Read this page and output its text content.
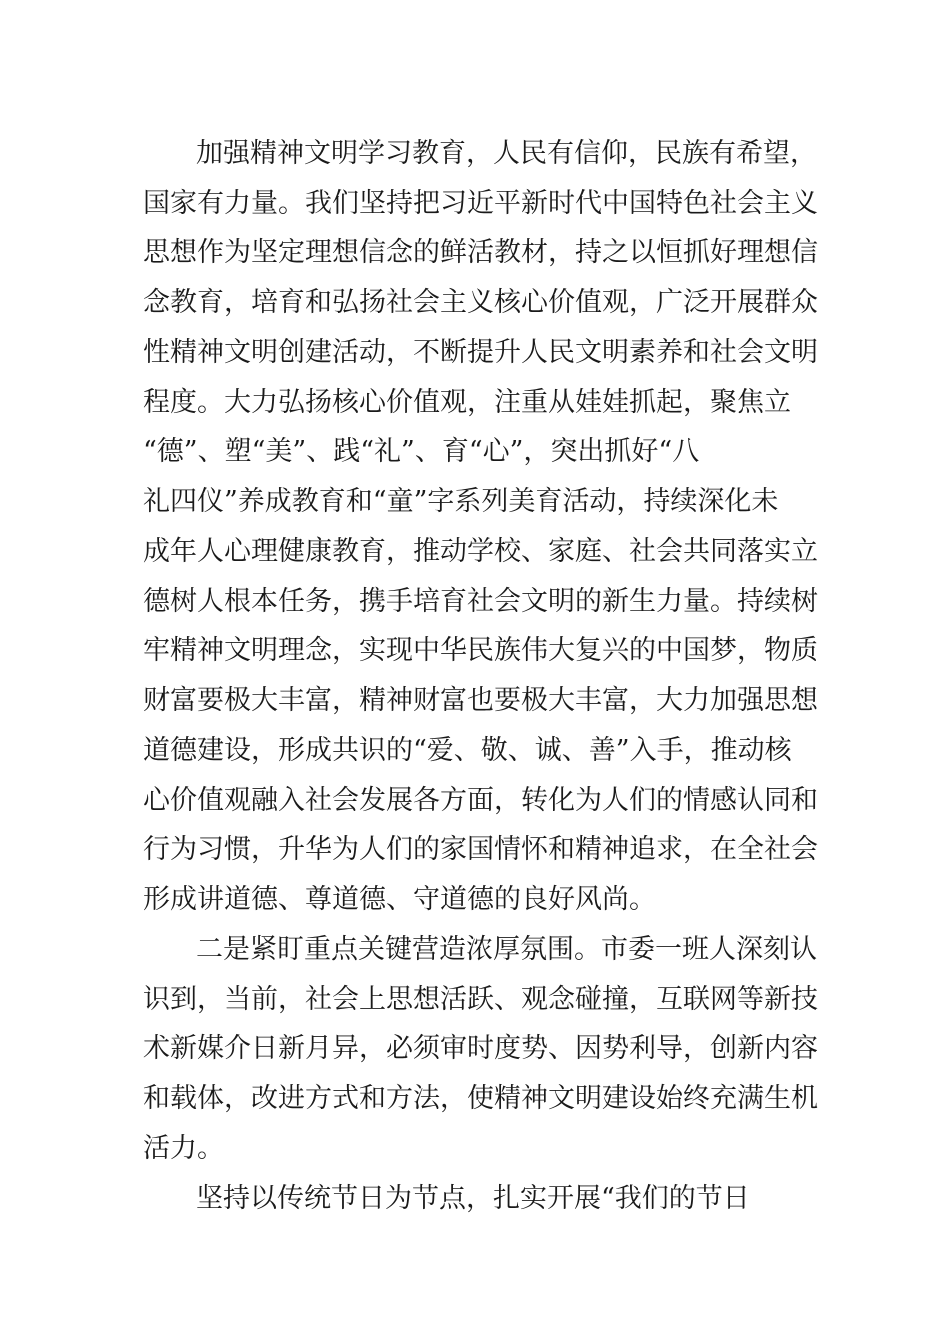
加强精神文明学习教育，人民有信仰，民族有希望，

国家有力量。我们坚持把习近平新时代中国特色社会主义

思想作为坚定理想信念的鲜活教材，持之以恒抓好理想信

念教育，培育和弘扬社会主义核心价值观，广泛开展群众

性精神文明创建活动，不断提升人民文明素养和社会文明

程度。大力弘扬核心价值观，注重从娃娃抓起，聚焦立

“德”、塑“美”、践“礼”、育“心”，突出抓好“八

礼四仪”养成教育和“童”字系列美育活动，持续深化未

成年人心理健康教育，推动学校、家庭、社会共同落实立

德树人根本任务，携手培育社会文明的新生力量。持续树

牢精神文明理念，实现中华民族伟大复兴的中国梦，物质

财富要极大丰富，精神财富也要极大丰富，大力加强思想

道德建设，形成共识的“爱、敬、诚、善”入手，推动核

心价值观融入社会发展各方面，转化为人们的情感认同和

行为习惯，升华为人们的家国情怀和精神追求，在全社会

形成讲道德、尊道德、守道德的良好风尚。

二是紧盯重点关键营造浓厚氛围。市委一班人深刻认

识到，当前，社会上思想活跃、观念碰撞，互联网等新技

术新媒介日新月异，必须审时度势、因势利导，创新内容

和载体，改进方式和方法，使精神文明建设始终充满生机

活力。

坚持以传统节日为节点，扎实开展“我们的节日
